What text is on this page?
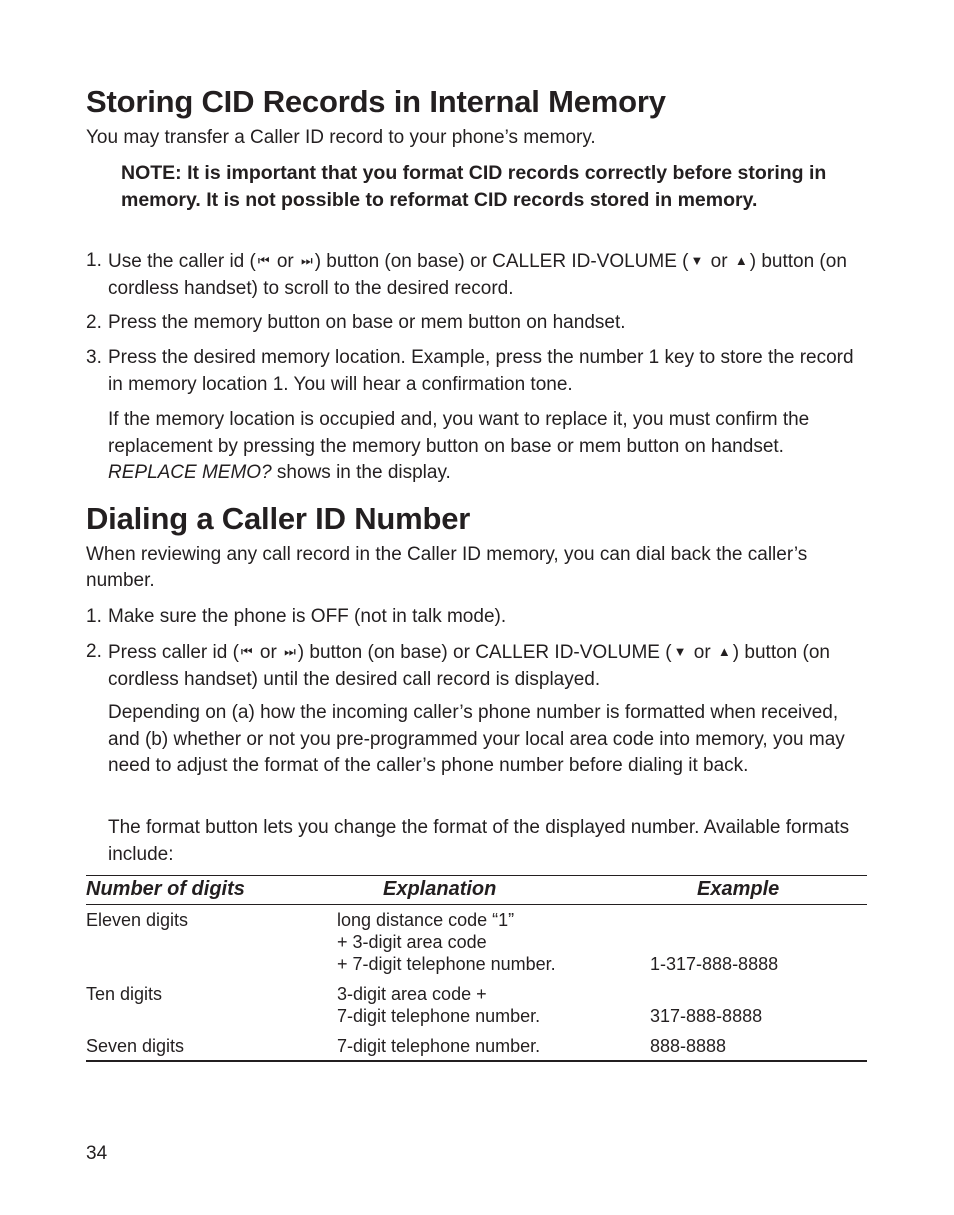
Storing CID Records in Internal Memory

You may transfer a Caller ID record to your phone’s memory.

NOTE: It is important that you format CID records correctly before storing in memory. It is not possible to reformat CID records stored in memory.

1. Use the caller id ( ⏮ or ⏭ ) button (on base) or CALLER ID-VOLUME ( ▼ or ▲ ) button (on cordless handset) to scroll to the desired record.
2. Press the memory button on base or mem button on handset.
3. Press the desired memory location. Example, press the number 1 key to store the record in memory location 1. You will hear a confirmation tone.

If the memory location is occupied and, you want to replace it, you must confirm the replacement by pressing the memory button on base or mem button on handset. REPLACE MEMO? shows in the display.

Dialing a Caller ID Number

When reviewing any call record in the Caller ID memory, you can dial back the caller’s number.

1. Make sure the phone is OFF (not in talk mode).
2. Press caller id ( ⏮ or ⏭ ) button (on base) or CALLER ID-VOLUME ( ▼ or ▲ ) button (on cordless handset) until the desired call record is displayed.

Depending on (a) how the incoming caller’s phone number is formatted when received, and (b) whether or not you pre-programmed your local area code into memory, you may need to adjust the format of the caller’s phone number before dialing it back.

The format button lets you change the format of the displayed number. Available formats include:

Number of digits	Explanation	Example
Eleven digits	long distance code “1”
+ 3-digit area code
+ 7-digit telephone number.	1-317-888-8888
Ten digits	3-digit area code +
7-digit telephone number.	317-888-8888
Seven digits	7-digit telephone number.	888-8888
34
